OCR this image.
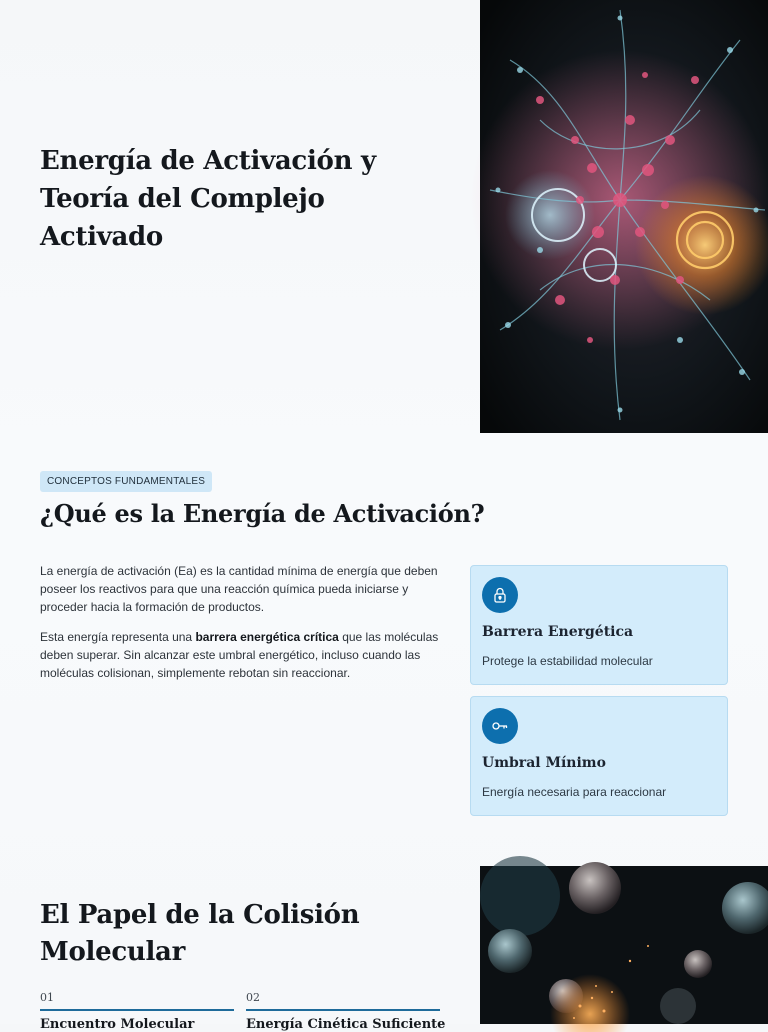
Energía de Activación y Teoría del Complejo Activado
CONCEPTOS FUNDAMENTALES
¿Qué es la Energía de Activación?

La energía de activación (Ea) es la cantidad mínima de energía que deben poseer los reactivos para que una reacción química pueda iniciarse y proceder hacia la formación de productos.

Esta energía representa una barrera energética crítica que las moléculas deben superar. Sin alcanzar este umbral energético, incluso cuando las moléculas colisionan, simplemente rebotan sin reaccionar.

Barrera Energética
Protege la estabilidad molecular
Umbral Mínimo
Energía necesaria para reaccionar
El Papel de la Colisión Molecular
01
Encuentro Molecular
02
Energía Cinética Suficiente
